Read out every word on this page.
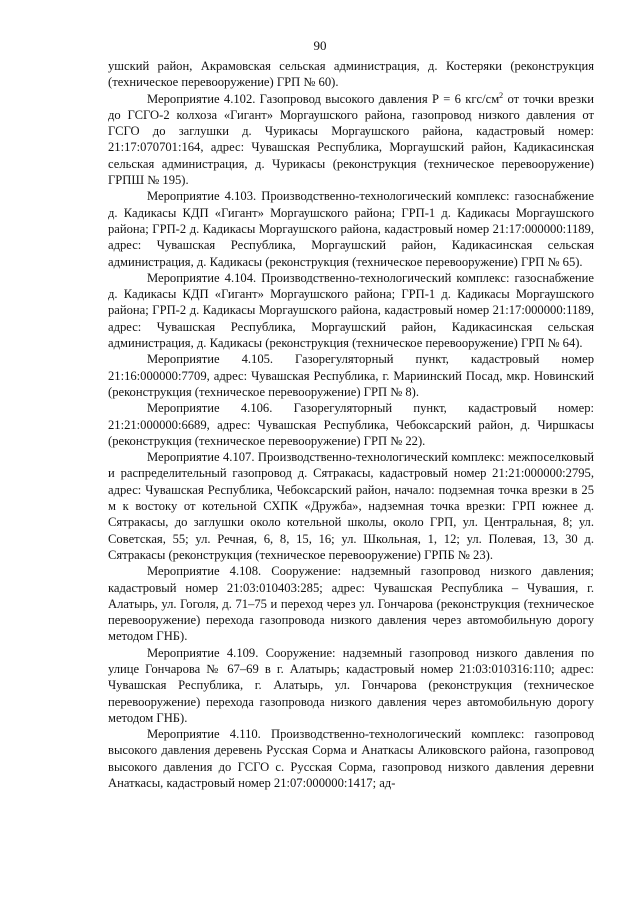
90

ушский район, Акрамовская сельская администрация, д. Костеряки (реконструкция (техническое перевооружение) ГРП № 60).

Мероприятие 4.102. Газопровод высокого давления Р = 6 кгс/$см^2$ от точки врезки до ГСГО-2 колхоза «Гигант» Моргаушского района, газопровод низкого давления от ГСГО до заглушки д. Чурикасы Моргаушского района, кадастровый номер: 21:17:070701:164, адрес: Чувашская Республика, Моргаушский район, Кадикасинская сельская администрация, д. Чурикасы (реконструкция (техническое перевооружение) ГРПШ № 195).

Мероприятие 4.103. Производственно-технологический комплекс: газоснабжение д. Кадикасы КДП «Гигант» Моргаушского района; ГРП-1 д. Кадикасы Моргаушского района; ГРП-2 д. Кадикасы Моргаушского района, кадастровый номер 21:17:000000:1189, адрес: Чувашская Республика, Моргаушский район, Кадикасинская сельская администрация, д. Кадикасы (реконструкция (техническое перевооружение) ГРП № 65).

Мероприятие 4.104. Производственно-технологический комплекс: газоснабжение д. Кадикасы КДП «Гигант» Моргаушского района; ГРП-1 д. Кадикасы Моргаушского района; ГРП-2 д. Кадикасы Моргаушского района, кадастровый номер 21:17:000000:1189, адрес: Чувашская Республика, Моргаушский район, Кадикасинская сельская администрация, д. Кадикасы (реконструкция (техническое перевооружение) ГРП № 64).

Мероприятие 4.105. Газорегуляторный пункт, кадастровый номер 21:16:000000:7709, адрес: Чувашская Республика, г. Мариинский Посад, мкр. Новинский (реконструкция (техническое перевооружение) ГРП № 8).

Мероприятие 4.106. Газорегуляторный пункт, кадастровый номер: 21:21:000000:6689, адрес: Чувашская Республика, Чебоксарский район, д. Чиршкасы (реконструкция (техническое перевооружение) ГРП № 22).

Мероприятие 4.107. Производственно-технологический комплекс: межпоселковый и распределительный газопровод д. Сятракасы, кадастровый номер 21:21:000000:2795, адрес: Чувашская Республика, Чебоксарский район, начало: подземная точка врезки в 25 м к востоку от котельной СХПК «Дружба», надземная точка врезки: ГРП южнее д. Сятракасы, до заглушки около котельной школы, около ГРП, ул. Центральная, 8; ул. Советская, 55; ул. Речная, 6, 8, 15, 16; ул. Школьная, 1, 12; ул. Полевая, 13, 30 д. Сятракасы (реконструкция (техническое перевооружение) ГРПБ № 23).

Мероприятие 4.108. Сооружение: надземный газопровод низкого давления; кадастровый номер 21:03:010403:285; адрес: Чувашская Республика – Чувашия, г. Алатырь, ул. Гоголя, д. 71–75 и переход через ул. Гончарова (реконструкция (техническое перевооружение) перехода газопровода низкого давления через автомобильную дорогу методом ГНБ).

Мероприятие 4.109. Сооружение: надземный газопровод низкого давления по улице Гончарова № 67–69 в г. Алатырь; кадастровый номер 21:03:010316:110; адрес: Чувашская Республика, г. Алатырь, ул. Гончарова (реконструкция (техническое перевооружение) перехода газопровода низкого давления через автомобильную дорогу методом ГНБ).

Мероприятие 4.110. Производственно-технологический комплекс: газопровод высокого давления деревень Русская Сорма и Анаткасы Аликовского района, газопровод высокого давления до ГСГО с. Русская Сорма, газопровод низкого давления деревни Анаткасы, кадастровый номер 21:07:000000:1417; ад-
